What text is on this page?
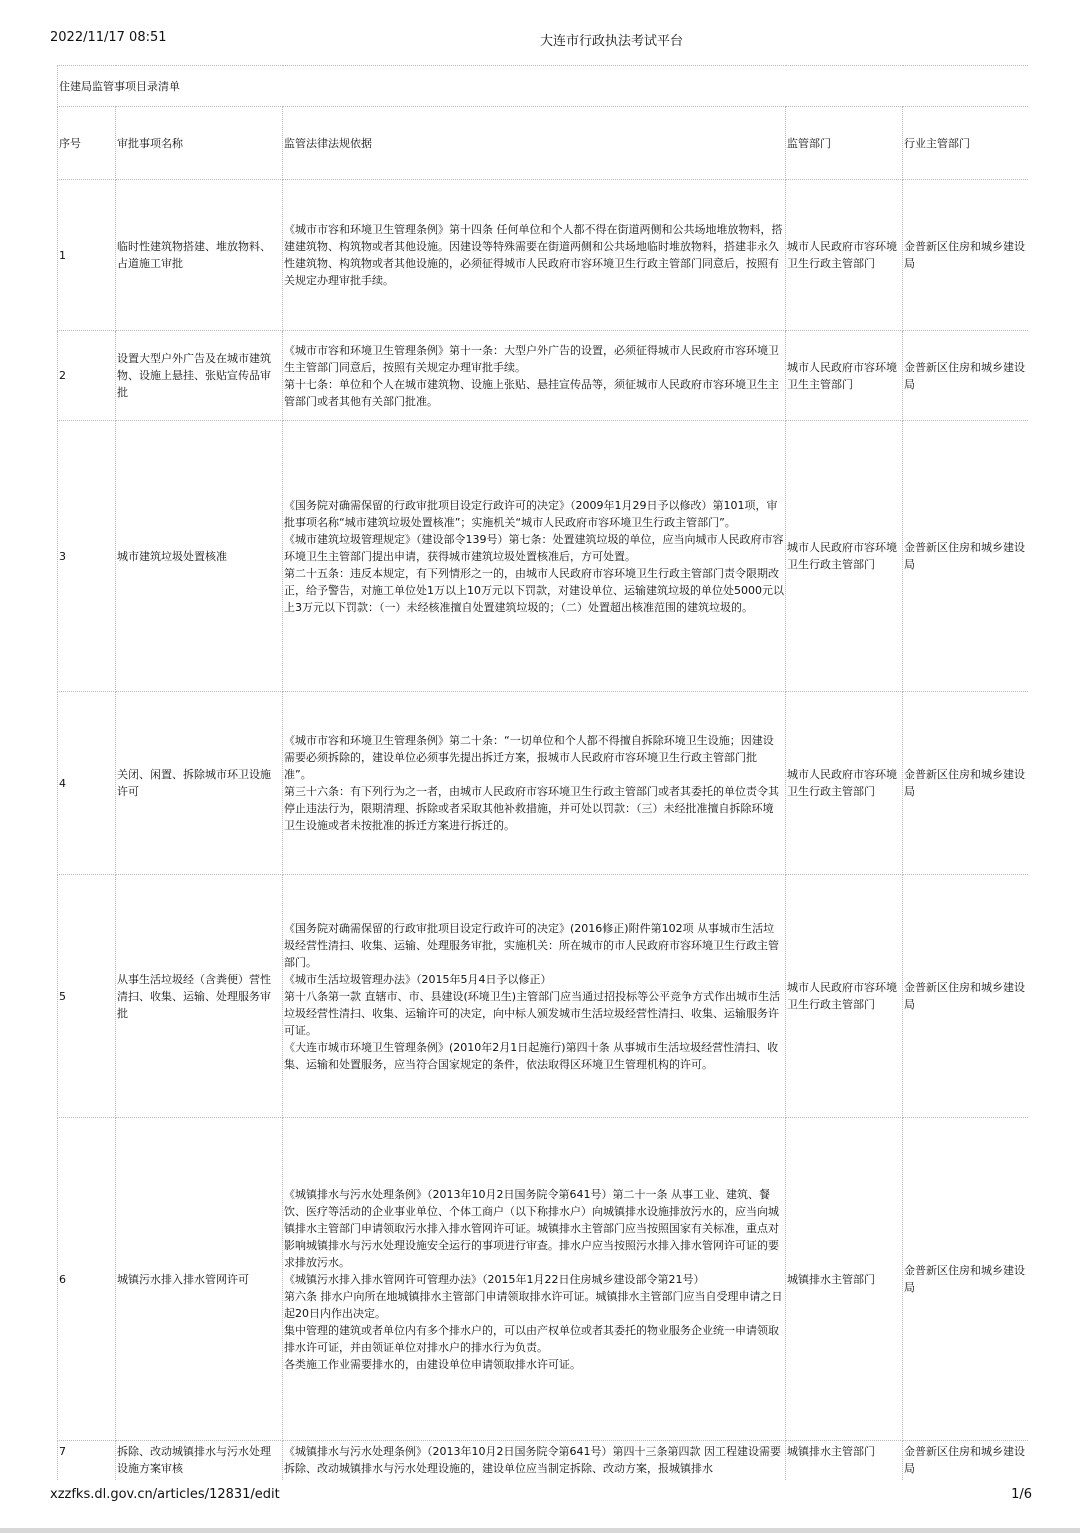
2022/11/17 08:51	大连市行政执法考试平台
住建局监管事项目录清单				
序号	审批事项名称	监管法律法规依据	监管部门	行业主管部门
1	临时性建筑物搭建、堆放物料、占道施工审批	《城市市容和环境卫生管理条例》第十四条 任何单位和个人都不得在街道两侧和公共场地堆放物料，搭建建筑物、构筑物或者其他设施。因建设等特殊需要在街道两侧和公共场地临时堆放物料，搭建非永久性建筑物、构筑物或者其他设施的，必须征得城市人民政府市容环境卫生行政主管部门同意后，按照有关规定办理审批手续。	城市人民政府市容环境卫生行政主管部门	金普新区住房和城乡建设局
2	设置大型户外广告及在城市建筑物、设施上悬挂、张贴宣传品审批	《城市市容和环境卫生管理条例》第十一条：大型户外广告的设置，必须征得城市人民政府市容环境卫生主管部门同意后，按照有关规定办理审批手续。

第十七条：单位和个人在城市建筑物、设施上张贴、悬挂宣传品等，须征城市人民政府市容环境卫生主管部门或者其他有关部门批准。	城市人民政府市容环境卫生主管部门	金普新区住房和城乡建设局
3	城市建筑垃圾处置核准	《国务院对确需保留的行政审批项目设定行政许可的决定》（2009年1月29日予以修改）第101项，审批事项名称“城市建筑垃圾处置核准”；实施机关“城市人民政府市容环境卫生行政主管部门”。

《城市建筑垃圾管理规定》（建设部令139号）第七条：处置建筑垃圾的单位，应当向城市人民政府市容环境卫生主管部门提出申请，获得城市建筑垃圾处置核准后，方可处置。

第二十五条：违反本规定，有下列情形之一的，由城市人民政府市容环境卫生行政主管部门责令限期改正，给予警告，对施工单位处1万以上10万元以下罚款，对建设单位、运输建筑垃圾的单位处5000元以上3万元以下罚款：（一）未经核准擅自处置建筑垃圾的；（二）处置超出核准范围的建筑垃圾的。	城市人民政府市容环境卫生行政主管部门	金普新区住房和城乡建设局
4	关闭、闲置、拆除城市环卫设施许可	《城市市容和环境卫生管理条例》第二十条：“一切单位和个人都不得擅自拆除环境卫生设施；因建设需要必须拆除的，建设单位必须事先提出拆迁方案，报城市人民政府市容环境卫生行政主管部门批准”。

第三十六条：有下列行为之一者，由城市人民政府市容环境卫生行政主管部门或者其委托的单位责令其停止违法行为，限期清理、拆除或者采取其他补救措施，并可处以罚款：（三）未经批准擅自拆除环境卫生设施或者未按批准的拆迁方案进行拆迁的。	城市人民政府市容环境卫生行政主管部门	金普新区住房和城乡建设局
5	从事生活垃圾经（含粪便）营性清扫、收集、运输、处理服务审批	《国务院对确需保留的行政审批项目设定行政许可的决定》(2016修正)附件第102项 从事城市生活垃圾经营性清扫、收集、运输、处理服务审批，实施机关：所在城市的市人民政府市容环境卫生行政主管部门。

《城市生活垃圾管理办法》（2015年5月4日予以修正）

第十八条第一款 直辖市、市、县建设(环境卫生)主管部门应当通过招投标等公平竞争方式作出城市生活垃圾经营性清扫、收集、运输许可的决定，向中标人颁发城市生活垃圾经营性清扫、收集、运输服务许可证。

《大连市城市环境卫生管理条例》(2010年2月1日起施行)第四十条 从事城市生活垃圾经营性清扫、收集、运输和处置服务，应当符合国家规定的条件，依法取得区环境卫生管理机构的许可。	城市人民政府市容环境卫生行政主管部门	金普新区住房和城乡建设局
6	城镇污水排入排水管网许可	《城镇排水与污水处理条例》（2013年10月2日国务院令第641号）第二十一条 从事工业、建筑、餐饮、医疗等活动的企业事业单位、个体工商户（以下称排水户）向城镇排水设施排放污水的，应当向城镇排水主管部门申请领取污水排入排水管网许可证。城镇排水主管部门应当按照国家有关标准，重点对影响城镇排水与污水处理设施安全运行的事项进行审查。排水户应当按照污水排入排水管网许可证的要求排放污水。

《城镇污水排入排水管网许可管理办法》（2015年1月22日住房城乡建设部令第21号）

第六条 排水户向所在地城镇排水主管部门申请领取排水许可证。城镇排水主管部门应当自受理申请之日起20日内作出决定。

集中管理的建筑或者单位内有多个排水户的，可以由产权单位或者其委托的物业服务企业统一申请领取排水许可证，并由领证单位对排水户的排水行为负责。

各类施工作业需要排水的，由建设单位申请领取排水许可证。	城镇排水主管部门	金普新区住房和城乡建设局
7	拆除、改动城镇排水与污水处理设施方案审核	《城镇排水与污水处理条例》（2013年10月2日国务院令第641号）第四十三条第四款 因工程建设需要拆除、改动城镇排水与污水处理设施的，建设单位应当制定拆除、改动方案，报城镇排水	城镇排水主管部门	金普新区住房和城乡建设局
xzzfks.dl.gov.cn/articles/12831/edit	1/6
